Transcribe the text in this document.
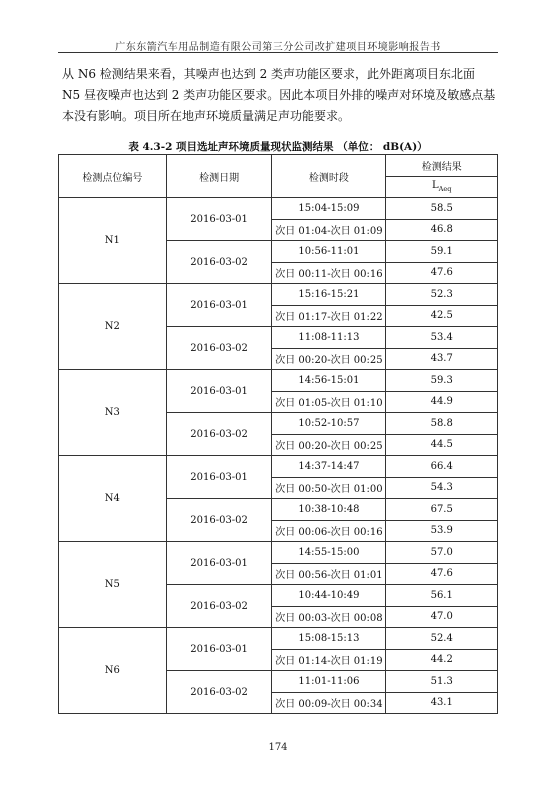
广东东箭汽车用品制造有限公司第三分公司改扩建项目环境影响报告书

从 N6 检测结果来看，其噪声也达到 2 类声功能区要求，此外距离项目东北面 N5 昼夜噪声也达到 2 类声功能区要求。因此本项目外排的噪声对环境及敏感点基本没有影响。项目所在地声环境质量满足声功能要求。

表 4.3-2 项目选址声环境质量现状监测结果 （单位： dB(A)）
检测点位编号	检测日期	检测时段	检测结果
			$L_{Aeq}$
N1	2016-03-01	15:04-15:09	58.5
		次日 01:04-次日 01:09	46.8
	2016-03-02	10:56-11:01	59.1
		次日 00:11-次日 00:16	47.6
N2	2016-03-01	15:16-15:21	52.3
		次日 01:17-次日 01:22	42.5
	2016-03-02	11:08-11:13	53.4
		次日 00:20-次日 00:25	43.7
N3	2016-03-01	14:56-15:01	59.3
		次日 01:05-次日 01:10	44.9
	2016-03-02	10:52-10:57	58.8
		次日 00:20-次日 00:25	44.5
N4	2016-03-01	14:37-14:47	66.4
		次日 00:50-次日 01:00	54.3
	2016-03-02	10:38-10:48	67.5
		次日 00:06-次日 00:16	53.9
N5	2016-03-01	14:55-15:00	57.0
		次日 00:56-次日 01:01	47.6
	2016-03-02	10:44-10:49	56.1
		次日 00:03-次日 00:08	47.0
N6	2016-03-01	15:08-15:13	52.4
		次日 01:14-次日 01:19	44.2
	2016-03-02	11:01-11:06	51.3
		次日 00:09-次日 00:34	43.1
174
